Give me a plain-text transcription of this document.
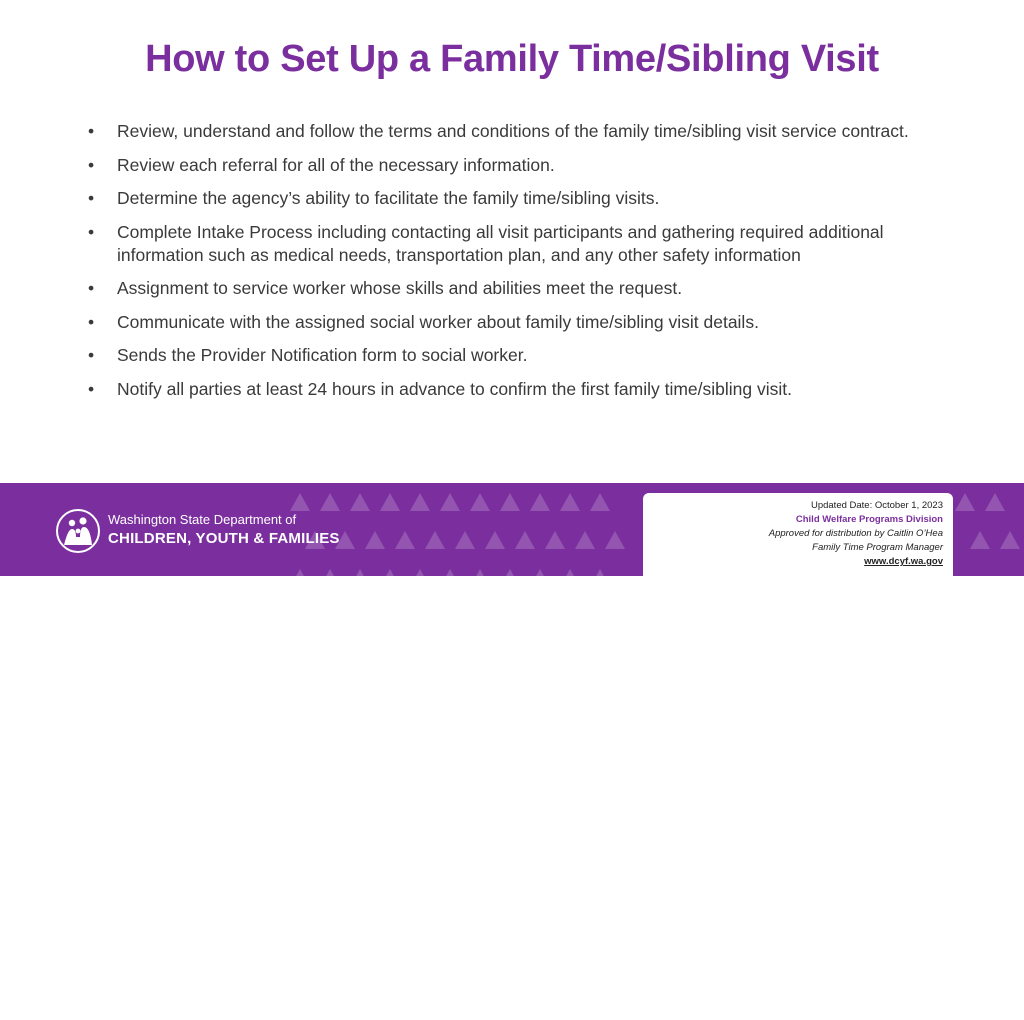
How to Set Up a Family Time/Sibling Visit
• Review, understand and follow the terms and conditions of the family time/sibling visit service contract.
• Review each referral for all of the necessary information.
• Determine the agency’s ability to facilitate the family time/sibling visits.
• Complete Intake Process including contacting all visit participants and gathering required additional information such as medical needs, transportation plan, and any other safety information
• Assignment to service worker whose skills and abilities meet the request.
• Communicate with the assigned social worker about family time/sibling visit details.
• Sends the Provider Notification form to social worker.
• Notify all parties at least 24 hours in advance to confirm the first family time/sibling visit.
Washington State Department of
CHILDREN, YOUTH & FAMILIES
20
Updated Date: October 1, 2023
Child Welfare Programs Division
Approved for distribution by Caitlin O’Hea
Family Time Program Manager
www.dcyf.wa.gov
